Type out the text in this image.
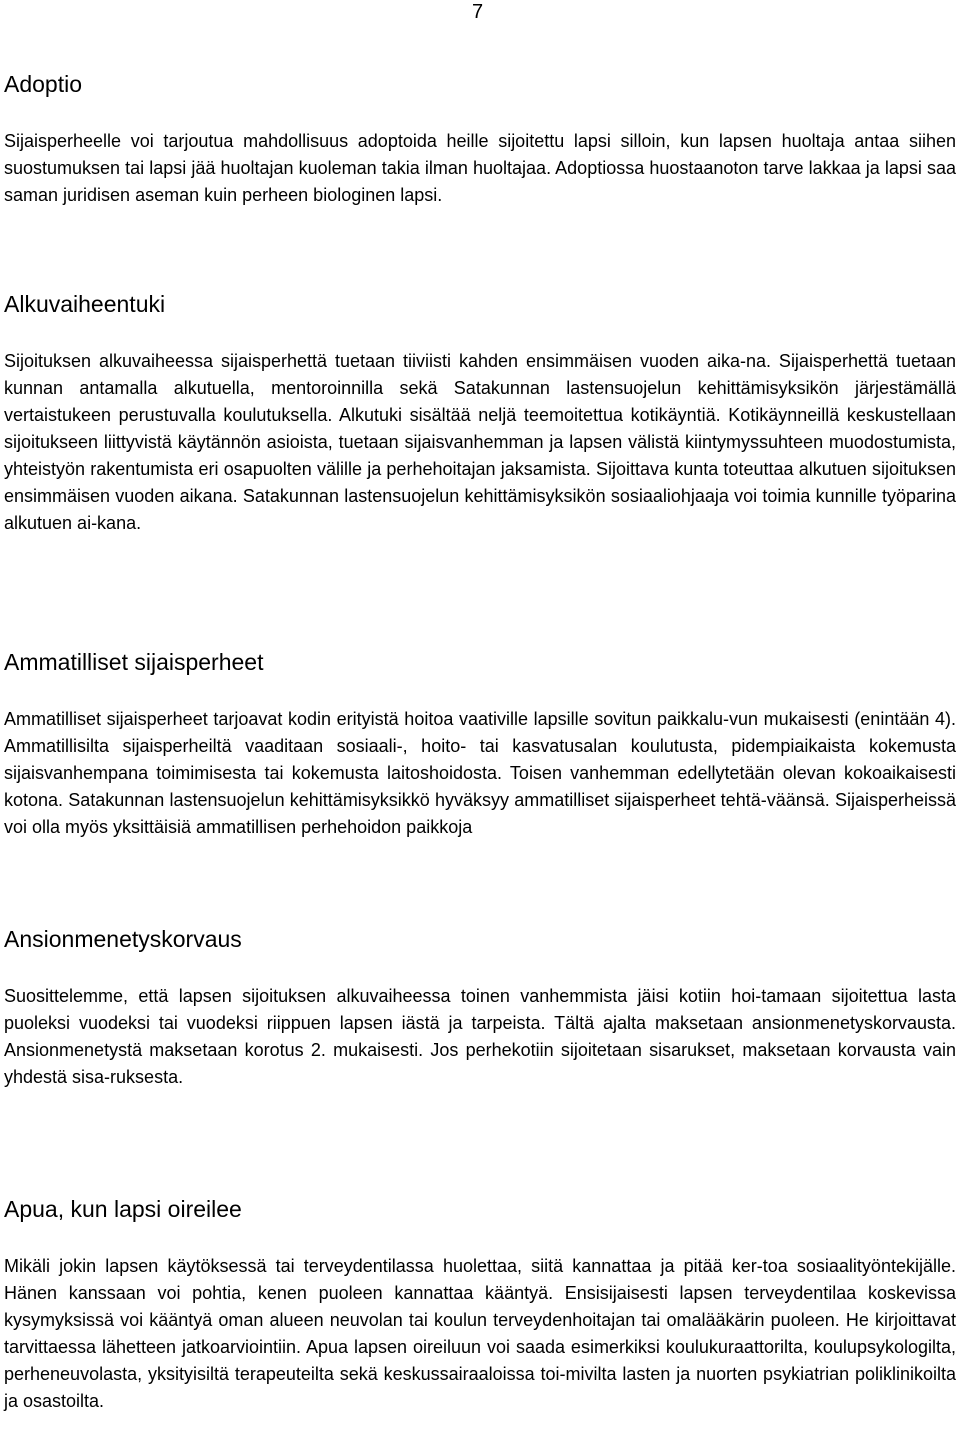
7
Adoptio

Sijaisperheelle voi tarjoutua mahdollisuus adoptoida heille sijoitettu lapsi silloin, kun lapsen huoltaja antaa siihen suostumuksen tai lapsi jää huoltajan kuoleman takia ilman huoltajaa. Adoptiossa huostaanoton tarve lakkaa ja lapsi saa saman juridisen aseman kuin perheen biologinen lapsi.

Alkuvaiheentuki

Sijoituksen alkuvaiheessa sijaisperhettä tuetaan tiiviisti kahden ensimmäisen vuoden aika-na. Sijaisperhettä tuetaan kunnan antamalla alkutuella, mentoroinnilla sekä Satakunnan lastensuojelun kehittämisyksikön järjestämällä vertaistukeen perustuvalla koulutuksella. Alkutuki sisältää neljä teemoitettua kotikäyntiä. Kotikäynneillä keskustellaan sijoitukseen liittyvistä käytännön asioista, tuetaan sijaisvanhemman ja lapsen välistä kiintymyssuhteen muodostumista, yhteistyön rakentumista eri osapuolten välille ja perhehoitajan jaksamista. Sijoittava kunta toteuttaa alkutuen sijoituksen ensimmäisen vuoden aikana. Satakunnan lastensuojelun kehittämisyksikön sosiaaliohjaaja voi toimia kunnille työparina alkutuen ai-kana.

Ammatilliset sijaisperheet

Ammatilliset sijaisperheet tarjoavat kodin erityistä hoitoa vaativille lapsille sovitun paikkalu-vun mukaisesti (enintään 4). Ammatillisilta sijaisperheiltä vaaditaan sosiaali-, hoito- tai kasvatusalan koulutusta, pidempiaikaista kokemusta sijaisvanhempana toimimisesta tai kokemusta laitoshoidosta. Toisen vanhemman edellytetään olevan kokoaikaisesti kotona. Satakunnan lastensuojelun kehittämisyksikkö hyväksyy ammatilliset sijaisperheet tehtä-väänsä. Sijaisperheissä voi olla myös yksittäisiä ammatillisen perhehoidon paikkoja

Ansionmenetyskorvaus

Suosittelemme, että lapsen sijoituksen alkuvaiheessa toinen vanhemmista jäisi kotiin hoi-tamaan sijoitettua lasta puoleksi vuodeksi tai vuodeksi riippuen lapsen iästä ja tarpeista. Tältä ajalta maksetaan ansionmenetyskorvausta. Ansionmenetystä maksetaan korotus 2. mukaisesti. Jos perhekotiin sijoitetaan sisarukset, maksetaan korvausta vain yhdestä sisa-ruksesta.

Apua, kun lapsi oireilee

Mikäli jokin lapsen käytöksessä tai terveydentilassa huolettaa, siitä kannattaa ja pitää ker-toa sosiaalityöntekijälle. Hänen kanssaan voi pohtia, kenen puoleen kannattaa kääntyä. Ensisijaisesti lapsen terveydentilaa koskevissa kysymyksissä voi kääntyä oman alueen neuvolan tai koulun terveydenhoitajan tai omalääkärin puoleen. He kirjoittavat tarvittaessa lähetteen jatkoarviointiin. Apua lapsen oireiluun voi saada esimerkiksi koulukuraattorilta, koulupsykologilta, perheneuvolasta, yksityisiltä terapeuteilta sekä keskussairaaloissa toi-mivilta lasten ja nuorten psykiatrian poliklinikoilta ja osastoilta.
